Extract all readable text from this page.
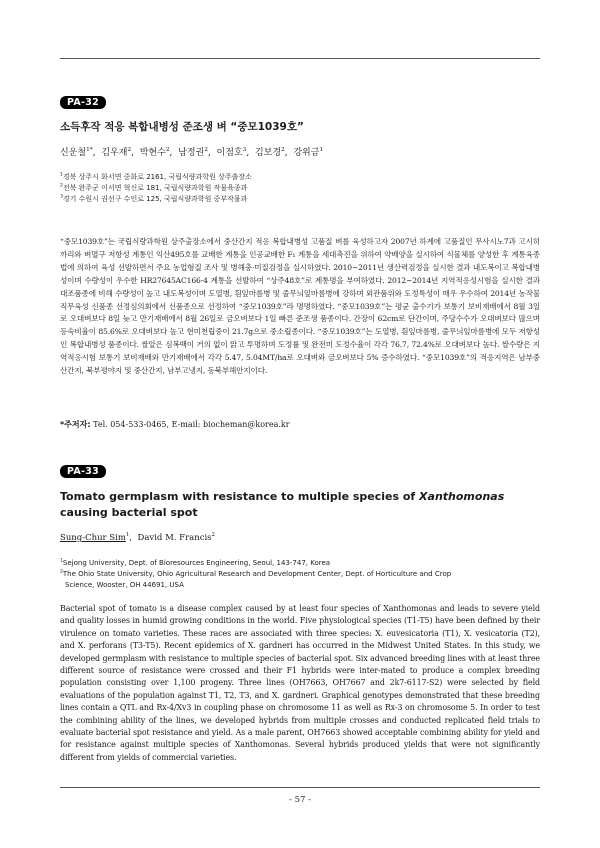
PA-32
소득후작 적응 복합내병성 준조생 벼 “중모1039호”
신운철$^{1*}$,  김우재$^2$,  박현수$^2$,  남정권$^2$,  이점호$^3$,  김보경$^2$,  강위금$^1$
$^1$경북 상주시 화서면 중화로 2161, 국립식량과학원 상주출장소
$^2$전북 완주군 이서면 혁신로 181, 국립식량과학원 작물육종과
$^3$경기 수원시 권선구 수인로 125, 국립식량과학원 중부작물과
“중모1039호”는 국립식량과학원 상주출장소에서 중산간지 적응 복합내병성 고품질 벼를 육성하고자 2007년 하계에 고품질인 무사시노7과 고시히까리와 벼멸구 저항성 계통인 익산495호를 교배한 계통을 인공교배한 F₁ 계통을 세대촉진을 위하여 약배양을 실시하여 식물체를 양성한 후 계통육종법에 의하여 육성 선발하면서 주요 농업형질 조사 및 병해충·미질검정을 실시하였다. 2010∼2011년 생산력검정을 실시한 결과 내도복이고 복합내병성이며 수량성이 우수한 HR27645AC166-4 계통을 선발하여 “상주48호”로 계통명을 부여하였다. 2012∼2014년 지역적응성시험을 실시한 결과 대조품종에 비해 수량성이 높고 내도복성이며 도열병, 흰잎마름병 및 줄무늬잎마름병에 강하며 외관품위와 도정특성이 매우 우수하여 2014년 농작물 직무육성 신품종 선정심의회에서 신품종으로 선정하여 “중모1039호”라 명명하였다. “중모1039호”는 평균 출수기가 보통기 보비재배에서 8월 3일로 오대벼보다 8일 늦고 만기재배에서 8월 26일로 금오벼보다 1일 빠른 준조생 품종이다. 간장이 62cm로 단간이며, 주당수수가 오대벼보다 많으며 등숙비율이 85.6%로 오대벼보다 높고 현미천립중이 21.7g으로 중소립종이다. “중모1039호”는 도열병, 흰잎마름병, 줄무늬잎마름병에 모두 저항성인 복합내병성 품종이다. 쌀알은 심복백이 거의 없이 맑고 투명하며 도정률 및 완전미 도정수율이 각각 76.7, 72.4%로 오대벼보다 높다. 쌀수량은 지역적응시험 보통기 보비재배와 만기재배에서 각각 5.47, 5.04MT/ha로 오대벼와 금오벼보다 5% 증수하였다. “중모1039호”의 적응지역은 남부중산간지, 북부평야지 및 중산간지, 남부고냉지, 동북부해안지이다.
*주저자: Tel. 054-533-0465, E-mail: biocheman@korea.kr
PA-33
Tomato germplasm with resistance to multiple species of Xanthomonas causing bacterial spot
Sung-Chur Sim$^1$,  David M. Francis$^2$
$^1$Sejong University, Dept. of Bioresources Engineering, Seoul, 143-747, Korea
$^2$The Ohio State University, Ohio Agricultural Research and Development Center, Dept. of Horticulture and Crop
Science, Wooster, OH 44691, USA
Bacterial spot of tomato is a disease complex caused by at least four species of Xanthomonas and leads to severe yield and quality losses in humid growing conditions in the world. Five physiological species (T1-T5) have been defined by their virulence on tomato varieties. These races are associated with three species: X. euvesicatoria (T1), X. vesicatoria (T2), and X. perforans (T3-T5). Recent epidemics of X. gardneri has occurred in the Midwest United States. In this study, we developed germplasm with resistance to multiple species of bacterial spot. Six advanced breeding lines with at least three different source of resistance were crossed and their F1 hybrids were inter-mated to produce a complex breeding population consisting over 1,100 progeny. Three lines (OH7663, OH7667 and 2k7-6117-S2) were selected by field evaluations of the population against T1, T2, T3, and X. gardneri. Graphical genotypes demonstrated that these breeding lines contain a QTL and Rx-4/Xv3 in coupling phase on chromosome 11 as well as Rx-3 on chromosome 5. In order to test the combining ability of the lines, we developed hybrids from multiple crosses and conducted replicated field trials to evaluate bacterial spot resistance and yield. As a male parent, OH7663 showed acceptable combining ability for yield and for resistance against multiple species of Xanthomonas. Several hybrids produced yields that were not significantly different from yields of commercial varieties.
- 57 -
